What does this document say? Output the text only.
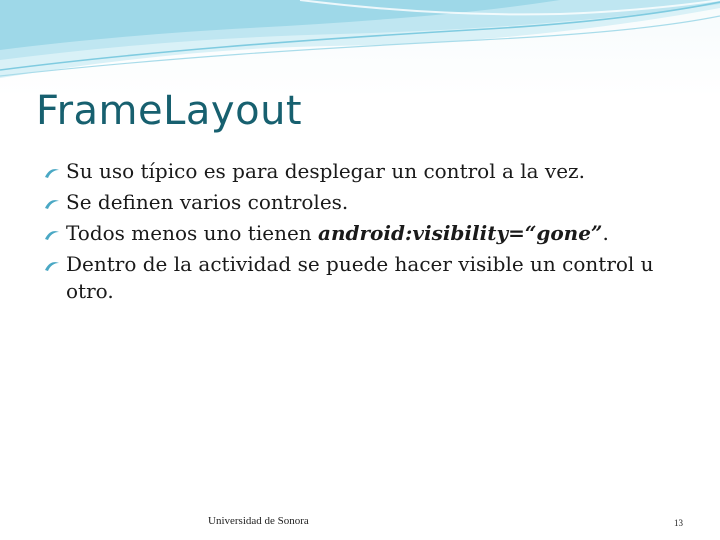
FrameLayout
Su uso típico es para desplegar un control a la vez.
Se definen varios controles.
Todos menos uno tienen android:visibility=“gone”.
Dentro de la actividad se puede hacer visible un control u otro.
Universidad de Sonora	13
